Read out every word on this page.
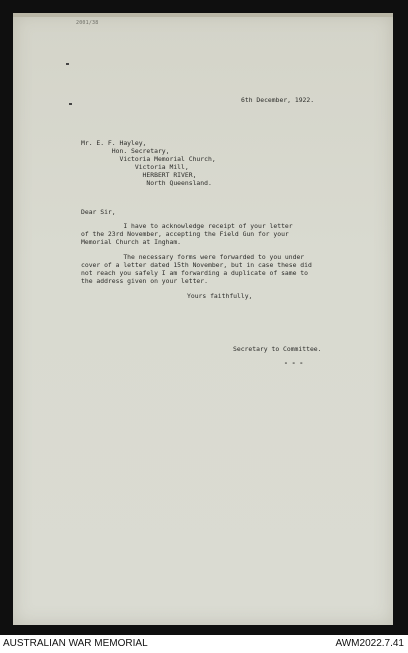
2001/38
6th December, 1922.
Mr. E. F. Hayley,
Hon. Secretary,
Victoria Memorial Church,
Victoria Mill,
HERBERT RIVER,
North Queensland.
Dear Sir,
I have to acknowledge receipt of your letter
of the 23rd November, accepting the Field Gun for your
Memorial Church at Ingham.
The necessary forms were forwarded to you under
cover of a letter dated 15th November, but in case these did
not reach you safely I am forwarding a duplicate of same to
the address given on your letter.
Yours faithfully,
Secretary to Committee.
- - -
AUSTRALIAN WAR MEMORIAL	AWM2022.7.41
